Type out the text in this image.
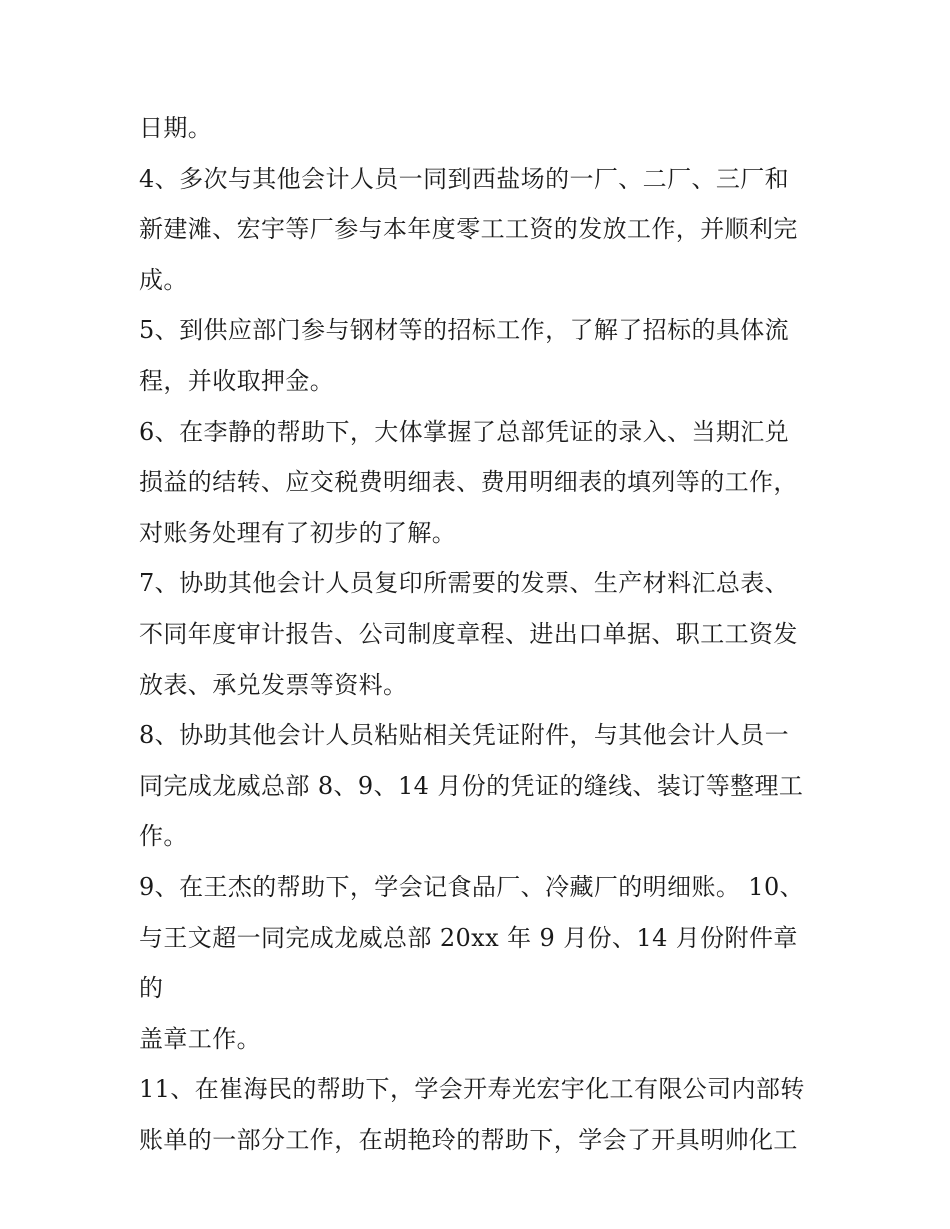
日期。

4、多次与其他会计人员一同到西盐场的一厂、二厂、三厂和
新建滩、宏宇等厂参与本年度零工工资的发放工作，并顺利完
成。

5、到供应部门参与钢材等的招标工作，了解了招标的具体流
程，并收取押金。

6、在李静的帮助下，大体掌握了总部凭证的录入、当期汇兑
损益的结转、应交税费明细表、费用明细表的填列等的工作，
对账务处理有了初步的了解。

7、协助其他会计人员复印所需要的发票、生产材料汇总表、
不同年度审计报告、公司制度章程、进出口单据、职工工资发
放表、承兑发票等资料。

8、协助其他会计人员粘贴相关凭证附件，与其他会计人员一
同完成龙威总部 8、9、14 月份的凭证的缝线、装订等整理工
作。

9、在王杰的帮助下，学会记食品厂、冷藏厂的明细账。 10、
与王文超一同完成龙威总部 20xx 年 9 月份、14 月份附件章的
盖章工作。

11、在崔海民的帮助下，学会开寿光宏宇化工有限公司内部转
账单的一部分工作，在胡艳玲的帮助下，学会了开具明帅化工
